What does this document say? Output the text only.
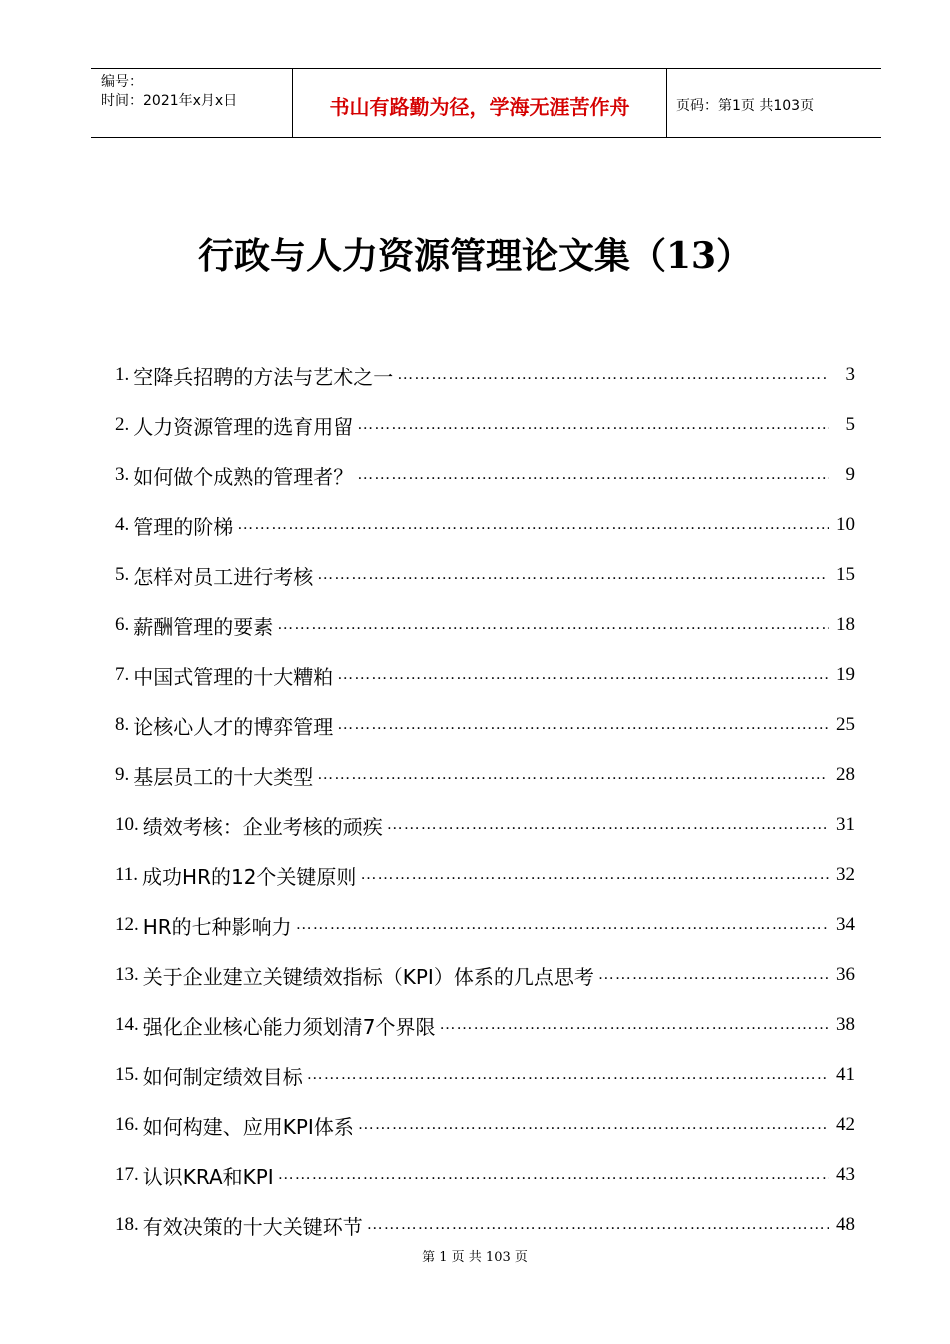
编号：
时间：2021年x月x日	书山有路勤为径，学海无涯苦作舟	页码：第1页 共103页
行政与人力资源管理论文集（13）
1. 空降兵招聘的方法与艺术之一 ……………………………………………………………………………………………………………………………………	3
2. 人力资源管理的选育用留 ……………………………………………………………………………………………………………………………………	5
3. 如何做个成熟的管理者？ ……………………………………………………………………………………………………………………………………	9
4. 管理的阶梯 ……………………………………………………………………………………………………………………………………	10
5. 怎样对员工进行考核 ……………………………………………………………………………………………………………………………………	15
6. 薪酬管理的要素 ……………………………………………………………………………………………………………………………………	18
7. 中国式管理的十大糟粕 ……………………………………………………………………………………………………………………………………	19
8. 论核心人才的博弈管理 ……………………………………………………………………………………………………………………………………	25
9. 基层员工的十大类型 ……………………………………………………………………………………………………………………………………	28
10. 绩效考核：企业考核的顽疾 ……………………………………………………………………………………………………………………………………	31
11. 成功HR的12个关键原则 ……………………………………………………………………………………………………………………………………	32
12. HR的七种影响力 ……………………………………………………………………………………………………………………………………	34
13. 关于企业建立关键绩效指标（KPI）体系的几点思考 ……………………………………………………………………………………………………………………………………	36
14. 强化企业核心能力须划清7个界限 ……………………………………………………………………………………………………………………………………	38
15. 如何制定绩效目标 ……………………………………………………………………………………………………………………………………	41
16. 如何构建、应用KPI体系 ……………………………………………………………………………………………………………………………………	42
17. 认识KRA和KPI ……………………………………………………………………………………………………………………………………	43
18. 有效决策的十大关键环节 ……………………………………………………………………………………………………………………………………	48
第 1 页 共 103 页
